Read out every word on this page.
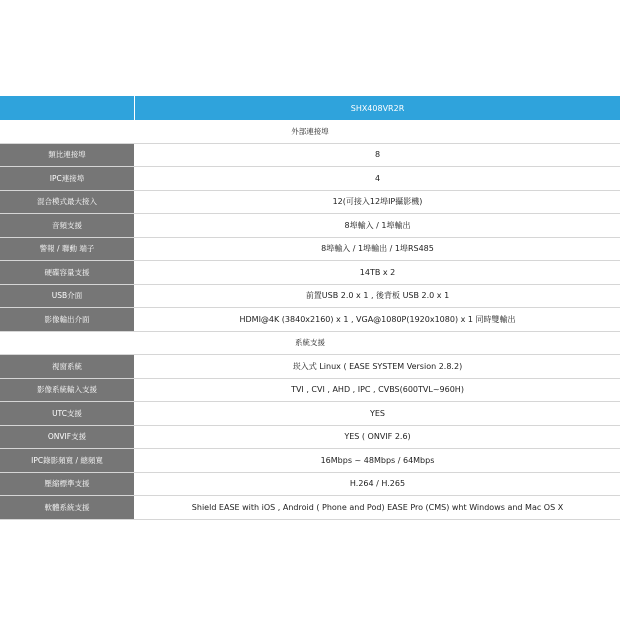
SHX408VR2R
外部連接埠
類比連接埠	8
IPC連接埠	4
混合模式最大接入	12(可接入12埠IP攝影機)
音頻支援	8埠輸入 / 1埠輸出
警報 / 聯動 端子	8埠輸入 / 1埠輸出 / 1埠RS485
硬碟容量支援	14TB x 2
USB介面	前置USB 2.0 x 1 , 後背板 USB 2.0 x 1
影像輸出介面	HDMI@4K (3840x2160) x 1 , VGA@1080P(1920x1080) x 1 同時雙輸出
系統支援
視窗系統	崁入式 Linux ( EASE SYSTEM Version 2.8.2)
影像系統輸入支援	TVI , CVI , AHD , IPC , CVBS(600TVL~960H)
UTC支援	YES
ONVIF支援	YES ( ONVIF 2.6)
IPC錄影頻寬 / 總頻寬	16Mbps ~ 48Mbps / 64Mbps
壓縮標準支援	H.264 / H.265
軟體系統支援	Shield EASE with iOS , Android ( Phone and Pod) EASE Pro (CMS) wht Windows and Mac OS X
